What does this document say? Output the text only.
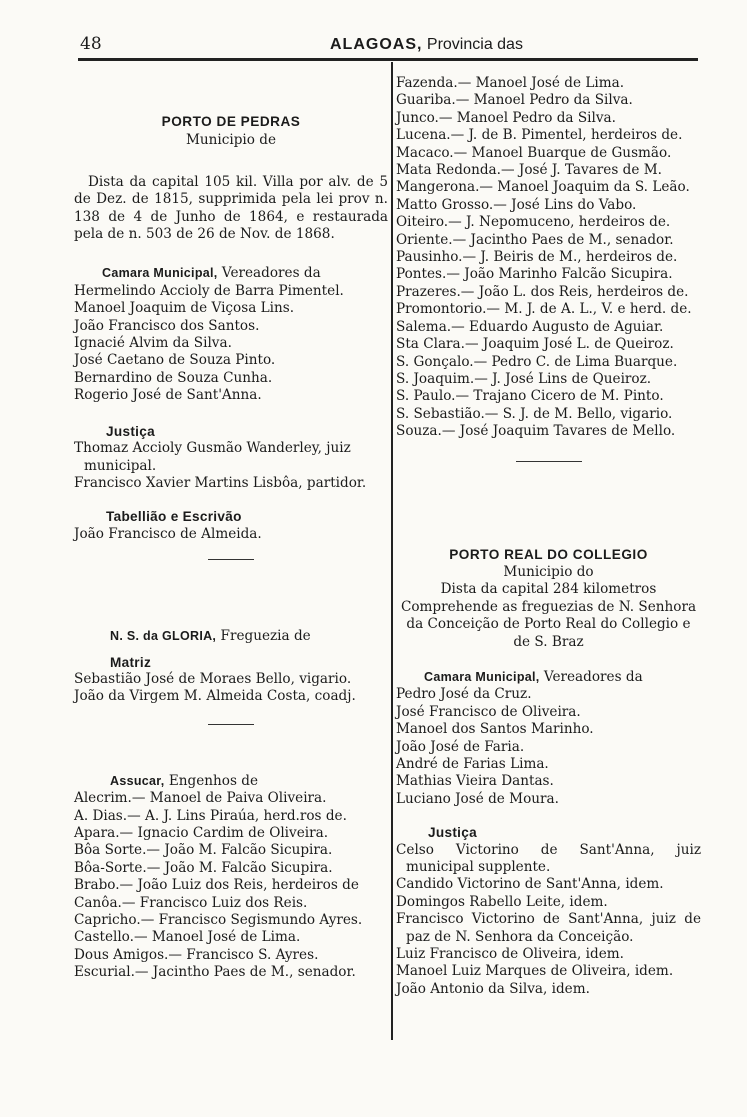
48	ALAGOAS, Provincia das

PORTO DE PEDRAS

Municipio de

Dista da capital 105 kil. Villa por alv. de 5 de Dez. de 1815, supprimida pela lei prov n. 138 de 4 de Junho de 1864, e restaurada pela de n. 503 de 26 de Nov. de 1868.

Camara Municipal, Vereadores da

Hermelindo Accioly de Barra Pimentel.
Manoel Joaquim de Viçosa Lins.
João Francisco dos Santos.
Ignacié Alvim da Silva.
José Caetano de Souza Pinto.
Bernardino de Souza Cunha.
Rogerio José de Sant'Anna.

Justiça

Thomaz Accioly Gusmão Wanderley, juiz municipal.
Francisco Xavier Martins Lisbôa, partidor.

Tabellião e Escrivão

João Francisco de Almeida.

N. S. da GLORIA, Freguezia de

Matriz

Sebastião José de Moraes Bello, vigario.
João da Virgem M. Almeida Costa, coadj.

Assucar, Engenhos de

Alecrim.— Manoel de Paiva Oliveira.
A. Dias.— A. J. Lins Piraúa, herd.ros de.
Apara.— Ignacio Cardim de Oliveira.
Bôa Sorte.— João M. Falcão Sicupira.
Bôa-Sorte.— João M. Falcão Sicupira.
Brabo.— João Luiz dos Reis, herdeiros de
Canôa.— Francisco Luiz dos Reis.
Capricho.— Francisco Segismundo Ayres.
Castello.— Manoel José de Lima.
Dous Amigos.— Francisco S. Ayres.
Escurial.— Jacintho Paes de M., senador.
Fazenda.— Manoel José de Lima.
Guariba.— Manoel Pedro da Silva.
Junco.— Manoel Pedro da Silva.
Lucena.— J. de B. Pimentel, herdeiros de.
Macaco.— Manoel Buarque de Gusmão.
Mata Redonda.— José J. Tavares de M.
Mangerona.— Manoel Joaquim da S. Leão.
Matto Grosso.— José Lins do Vabo.
Oiteiro.— J. Nepomuceno, herdeiros de.
Oriente.— Jacintho Paes de M., senador.
Pausinho.— J. Beiris de M., herdeiros de.
Pontes.— João Marinho Falcão Sicupira.
Prazeres.— João L. dos Reis, herdeiros de.
Promontorio.— M. J. de A. L., V. e herd. de.
Salema.— Eduardo Augusto de Aguiar.
Sta Clara.— Joaquim José L. de Queiroz.
S. Gonçalo.— Pedro C. de Lima Buarque.
S. Joaquim.— J. José Lins de Queiroz.
S. Paulo.— Trajano Cicero de M. Pinto.
S. Sebastião.— S. J. de M. Bello, vigario.
Souza.— José Joaquim Tavares de Mello.

PORTO REAL DO COLLEGIO

Municipio do

Dista da capital 284 kilometros

Comprehende as freguezias de N. Senhora da Conceição de Porto Real do Collegio e de S. Braz

Camara Municipal, Vereadores da

Pedro José da Cruz.
José Francisco de Oliveira.
Manoel dos Santos Marinho.
João José de Faria.
André de Farias Lima.
Mathias Vieira Dantas.
Luciano José de Moura.

Justiça

Celso Victorino de Sant'Anna, juiz municipal supplente.
Candido Victorino de Sant'Anna, idem.
Domingos Rabello Leite, idem.
Francisco Victorino de Sant'Anna, juiz de paz de N. Senhora da Conceição.
Luiz Francisco de Oliveira, idem.
Manoel Luiz Marques de Oliveira, idem.
João Antonio da Silva, idem.
